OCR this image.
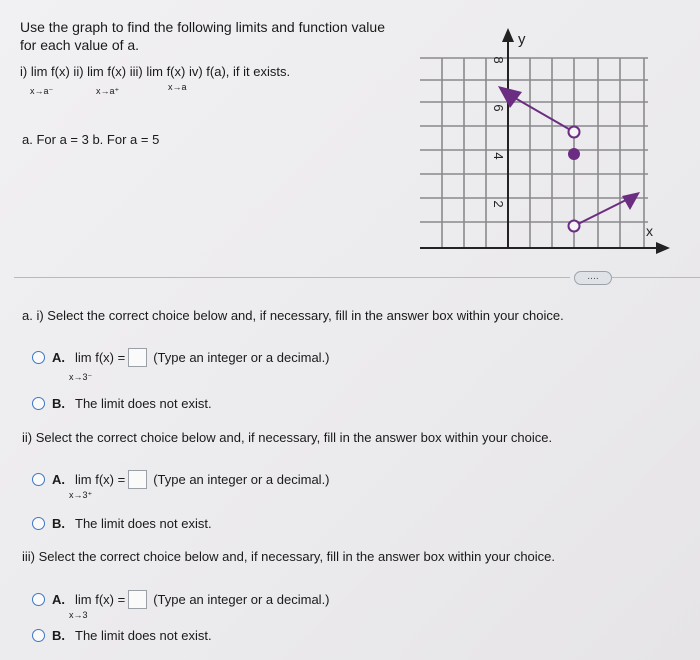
Use the graph to find the following limits and function value
for each value of a.
i) lim f(x) ii) lim f(x) iii) lim f(x) iv) f(a), if it exists.
x→a⁻	x→a⁺	x→a
a. For a = 3 b. For a = 5
y
x
8
6
4
2
....
a. i) Select the correct choice below and, if necessary, fill in the answer box within your choice.
A. lim f(x) = (Type an integer or a decimal.)
x→3⁻
B. The limit does not exist.
ii) Select the correct choice below and, if necessary, fill in the answer box within your choice.
A. lim f(x) = (Type an integer or a decimal.)
x→3⁺
B. The limit does not exist.
iii) Select the correct choice below and, if necessary, fill in the answer box within your choice.
A. lim f(x) = (Type an integer or a decimal.)
x→3
B. The limit does not exist.
